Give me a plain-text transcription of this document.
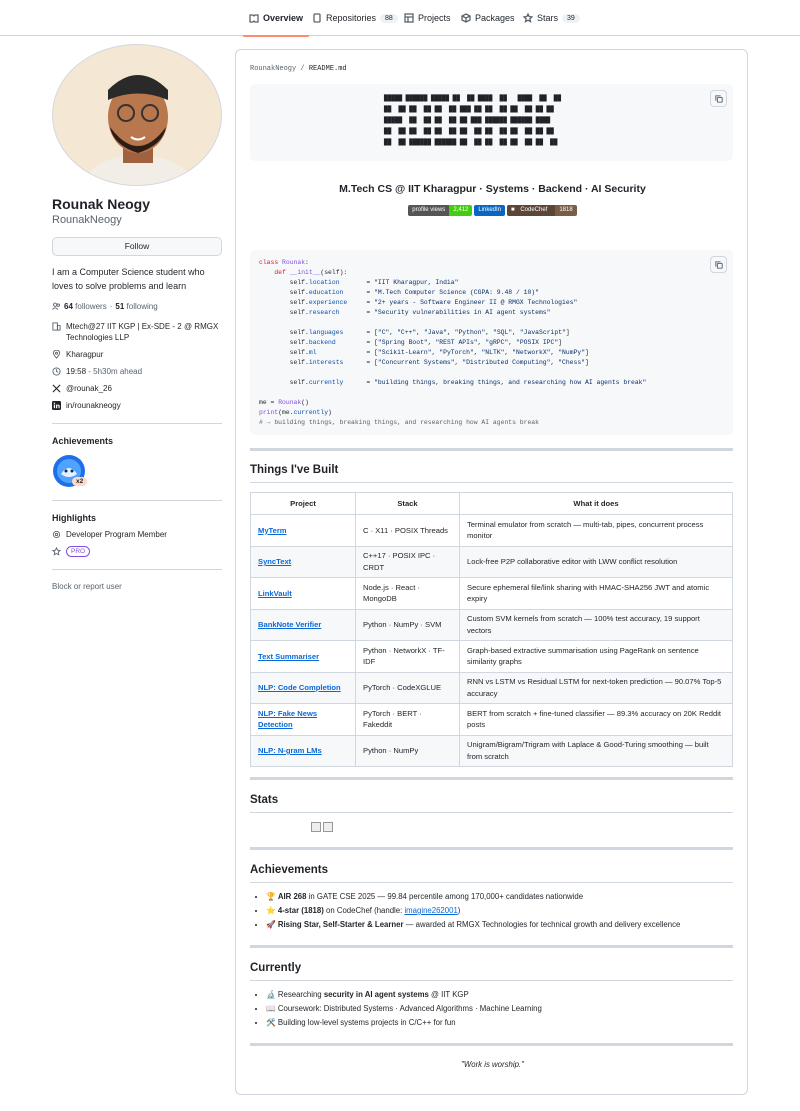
Overview	Repositories	88	Projects	Packages Stars	39
Rounak Neogy
RounakNeogy
Follow
I am a Computer Science student who loves to solve problems and learn
64 followers · 51 following
Mtech@27 IIT KGP | Ex-SDE - 2 @ RMGX Technologies LLP
Kharagpur
19:58 - 5h30m ahead
@rounak_26
in/rounakneogy
Achievements
x2
Highlights
Developer Program Member
PRO
Block or report user
RounakNeogy / README.md
█████ ██████ █████ ██  ██ ████  ██   ████  ██  ██
██  ██ ██  ██ ██  ██ ███ ██ ██  ██ ██  ██ ██ ██
█████  ██  ██ ██  ██ ██ ███ ██████ ██████ ████
██  ██ ██  ██ ██  ██ ██  ██ ██  ██ ██  ██ ██ ██
██  ██ ██████ ██████ ██  ██ ██  ██ ██  ██ ██  ██
M.Tech CS @ IIT Kharagpur · Systems · Backend · AI Security
profile views	2,412	LinkedIn	■ CodeChef	1818
class Rounak:
def __init__(self):
self.location       = "IIT Kharagpur, India"
self.education      = "M.Tech Computer Science (CGPA: 9.48 / 10)"
self.experience     = "2+ years - Software Engineer II @ RMGX Technologies"
self.research       = "Security vulnerabilities in AI agent systems"

self.languages      = ["C", "C++", "Java", "Python", "SQL", "JavaScript"]
self.backend        = ["Spring Boot", "REST APIs", "gRPC", "POSIX IPC"]
self.ml             = ["Scikit-Learn", "PyTorch", "NLTK", "NetworkX", "NumPy"]
self.interests      = ["Concurrent Systems", "Distributed Computing", "Chess"]

self.currently      = "building things, breaking things, and researching how AI agents break"

me = Rounak()
print(me.currently)
# → building things, breaking things, and researching how AI agents break
Things I've Built
Project	Stack	What it does
MyTerm	C · X11 · POSIX Threads	Terminal emulator from scratch — multi-tab, pipes, concurrent process monitor
SyncText	C++17 · POSIX IPC · CRDT	Lock-free P2P collaborative editor with LWW conflict resolution
LinkVault	Node.js · React · MongoDB	Secure ephemeral file/link sharing with HMAC-SHA256 JWT and atomic expiry
BankNote Verifier	Python · NumPy · SVM	Custom SVM kernels from scratch — 100% test accuracy, 19 support vectors
Text Summariser	Python · NetworkX · TF-IDF	Graph-based extractive summarisation using PageRank on sentence similarity graphs
NLP: Code Completion	PyTorch · CodeXGLUE	RNN vs LSTM vs Residual LSTM for next-token prediction — 90.07% Top-5 accuracy
NLP: Fake News Detection	PyTorch · BERT · Fakeddit	BERT from scratch + fine-tuned classifier — 89.3% accuracy on 20K Reddit posts
NLP: N-gram LMs	Python · NumPy	Unigram/Bigram/Trigram with Laplace & Good-Turing smoothing — built from scratch
Stats
Achievements
• 🏆 AIR 268 in GATE CSE 2025 — 99.84 percentile among 170,000+ candidates nationwide
• ⭐ 4-star (1818) on CodeChef (handle: imagine262001)
• 🚀 Rising Star, Self-Starter & Learner — awarded at RMGX Technologies for technical growth and delivery excellence
Currently
• 🔬 Researching security in AI agent systems @ IIT KGP
• 📖 Coursework: Distributed Systems · Advanced Algorithms · Machine Learning
• 🛠️ Building low-level systems projects in C/C++ for fun
"Work is worship."
